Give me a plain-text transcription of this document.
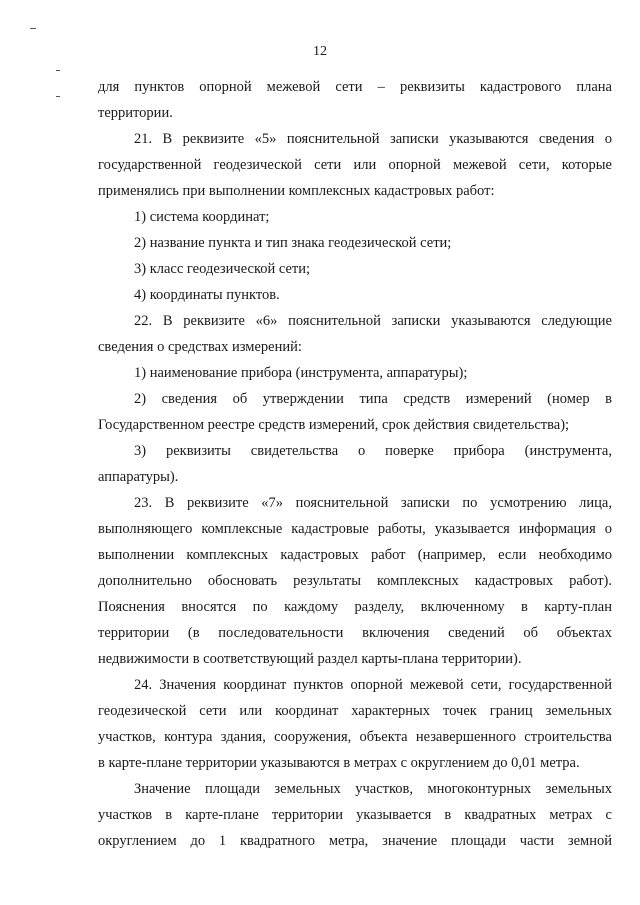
12
для пунктов опорной межевой сети – реквизиты кадастрового плана
территории.
21. В реквизите «5» пояснительной записки указываются сведения о
государственной геодезической сети или опорной межевой сети, которые
применялись при выполнении комплексных кадастровых работ:
1) система координат;
2) название пункта и тип знака геодезической сети;
3) класс геодезической сети;
4) координаты пунктов.
22. В реквизите «6» пояснительной записки указываются следующие
сведения о средствах измерений:
1) наименование прибора (инструмента, аппаратуры);
2) сведения об утверждении типа средств измерений (номер в
Государственном реестре средств измерений, срок действия свидетельства);
3) реквизиты свидетельства о поверке прибора (инструмента,
аппаратуры).
23. В реквизите «7» пояснительной записки по усмотрению лица,
выполняющего комплексные кадастровые работы, указывается информация о
выполнении комплексных кадастровых работ (например, если необходимо
дополнительно обосновать результаты комплексных кадастровых работ).
Пояснения вносятся по каждому разделу, включенному в карту-план
территории (в последовательности включения сведений об объектах
недвижимости в соответствующий раздел карты-плана территории).
24. Значения координат пунктов опорной межевой сети, государственной
геодезической сети или координат характерных точек границ земельных
участков, контура здания, сооружения, объекта незавершенного строительства
в карте-плане территории указываются в метрах с округлением до 0,01 метра.
Значение площади земельных участков, многоконтурных земельных
участков в карте-плане территории указывается в квадратных метрах с
округлением до 1 квадратного метра, значение площади части земной
